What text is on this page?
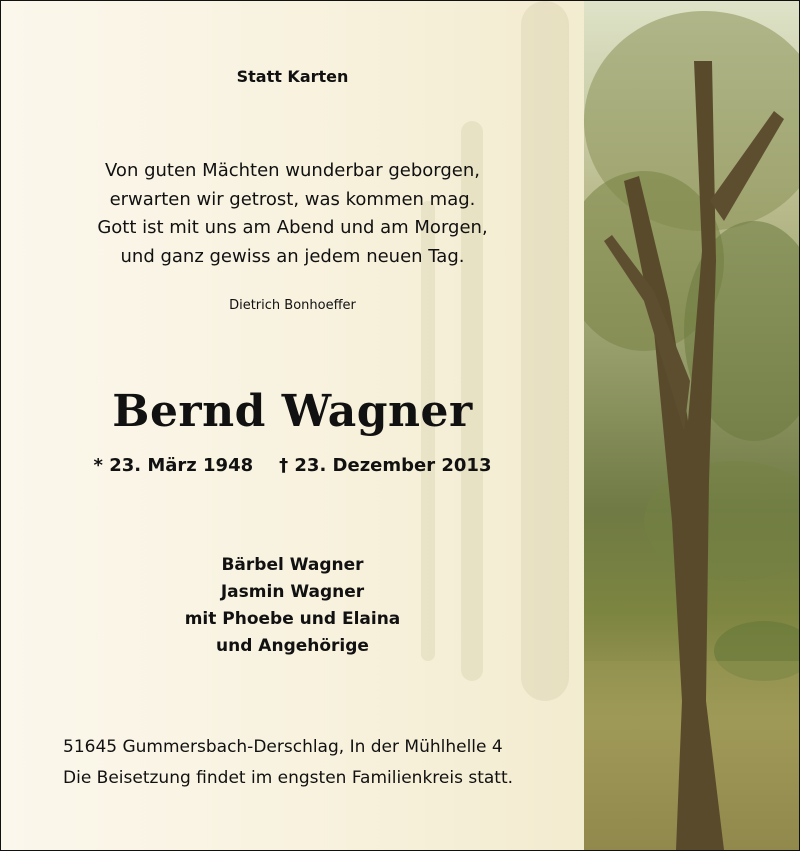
Statt Karten
Von guten Mächten wunderbar geborgen,
erwarten wir getrost, was kommen mag.
Gott ist mit uns am Abend und am Morgen,
und ganz gewiss an jedem neuen Tag.
Dietrich Bonhoeffer
Bernd Wagner
* 23. März 1948 † 23. Dezember 2013
Bärbel Wagner
Jasmin Wagner
mit Phoebe und Elaina
und Angehörige
51645 Gummersbach-Derschlag, In der Mühlhelle 4
Die Beisetzung findet im engsten Familienkreis statt.
